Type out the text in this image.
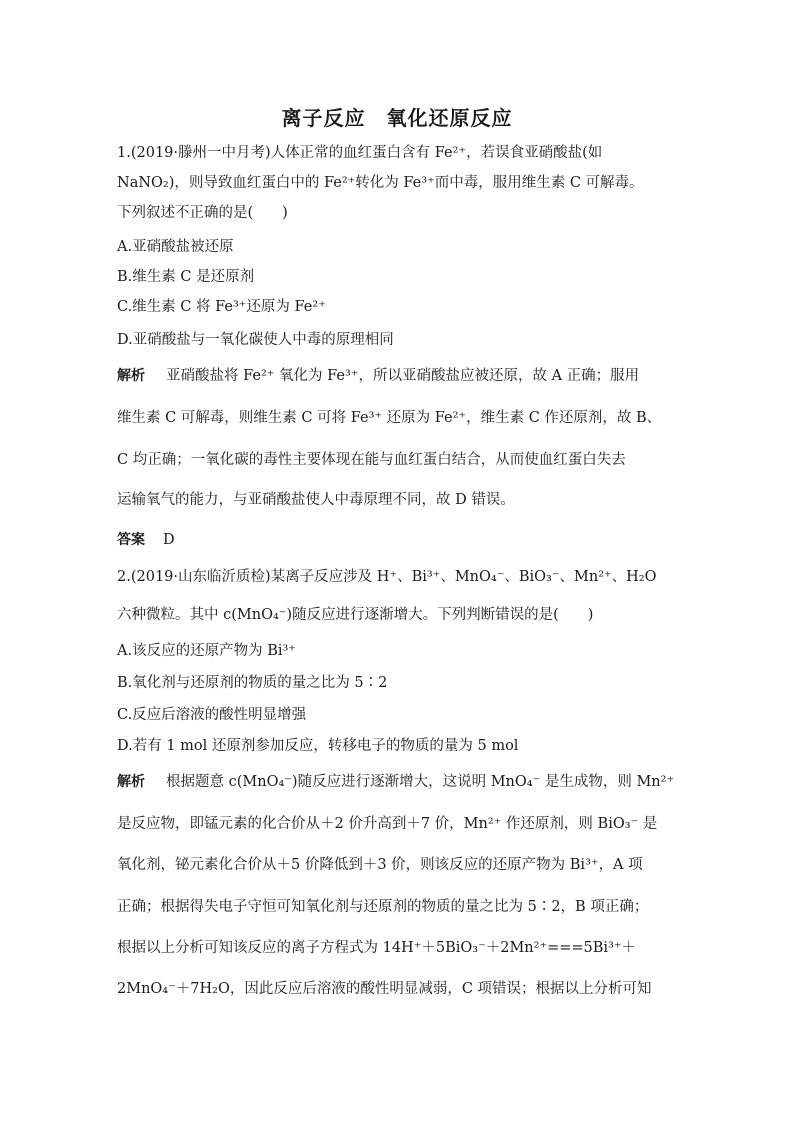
离子反应　氧化还原反应
1.(2019·滕州一中月考)人体正常的血红蛋白含有 Fe²⁺，若误食亚硝酸盐(如
NaNO₂)，则导致血红蛋白中的 Fe²⁺转化为 Fe³⁺而中毒，服用维生素 C 可解毒。
下列叙述不正确的是(　　)
A.亚硝酸盐被还原
B.维生素 C 是还原剂
C.维生素 C 将 Fe³⁺还原为 Fe²⁺
D.亚硝酸盐与一氧化碳使人中毒的原理相同
解析 亚硝酸盐将 Fe²⁺ 氧化为 Fe³⁺，所以亚硝酸盐应被还原，故 A 正确；服用
维生素 C 可解毒，则维生素 C 可将 Fe³⁺ 还原为 Fe²⁺，维生素 C 作还原剂，故 B、
C 均正确；一氧化碳的毒性主要体现在能与血红蛋白结合，从而使血红蛋白失去
运输氧气的能力，与亚硝酸盐使人中毒原理不同，故 D 错误。
答案 D
2.(2019·山东临沂质检)某离子反应涉及 H⁺、Bi³⁺、MnO₄⁻、BiO₃⁻、Mn²⁺、H₂O
六种微粒。其中 c(MnO₄⁻)随反应进行逐渐增大。下列判断错误的是(　　)
A.该反应的还原产物为 Bi³⁺
B.氧化剂与还原剂的物质的量之比为 5∶2
C.反应后溶液的酸性明显增强
D.若有 1 mol 还原剂参加反应，转移电子的物质的量为 5 mol
解析 根据题意 c(MnO₄⁻)随反应进行逐渐增大，这说明 MnO₄⁻ 是生成物，则 Mn²⁺
是反应物，即锰元素的化合价从＋2 价升高到＋7 价，Mn²⁺ 作还原剂，则 BiO₃⁻ 是
氧化剂，铋元素化合价从＋5 价降低到＋3 价，则该反应的还原产物为 Bi³⁺，A 项
正确；根据得失电子守恒可知氧化剂与还原剂的物质的量之比为 5∶2，B 项正确；
根据以上分析可知该反应的离子方程式为 14H⁺＋5BiO₃⁻＋2Mn²⁺===5Bi³⁺＋
2MnO₄⁻＋7H₂O，因此反应后溶液的酸性明显减弱，C 项错误；根据以上分析可知
